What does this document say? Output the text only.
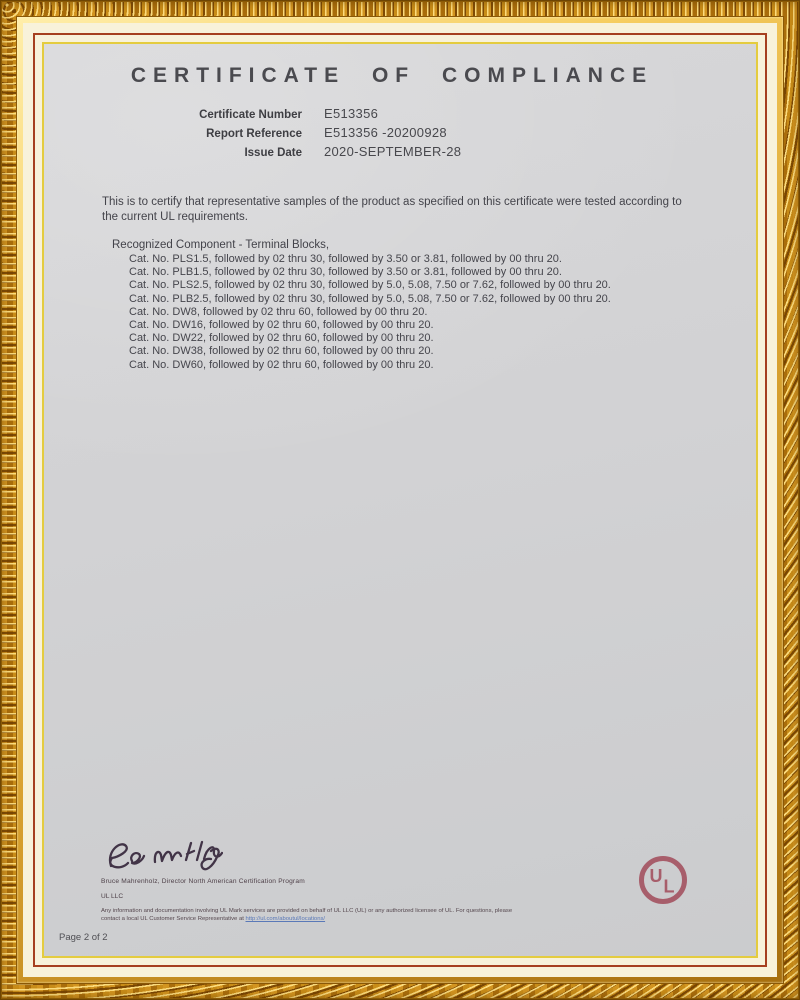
CERTIFICATE OF COMPLIANCE
Certificate Number E513356
Report Reference E513356 -20200928
Issue Date 2020-SEPTEMBER-28
This is to certify that representative samples of the product as specified on this certificate were tested according to the current UL requirements.
Recognized Component - Terminal Blocks,
Cat. No. PLS1.5, followed by 02 thru 30, followed by 3.50 or 3.81, followed by 00 thru 20.
Cat. No. PLB1.5, followed by 02 thru 30, followed by 3.50 or 3.81, followed by 00 thru 20.
Cat. No. PLS2.5, followed by 02 thru 30, followed by 5.0, 5.08, 7.50 or 7.62, followed by 00 thru 20.
Cat. No. PLB2.5, followed by 02 thru 30, followed by 5.0, 5.08, 7.50 or 7.62, followed by 00 thru 20.
Cat. No. DW8, followed by 02 thru 60, followed by 00 thru 20.
Cat. No. DW16, followed by 02 thru 60, followed by 00 thru 20.
Cat. No. DW22, followed by 02 thru 60, followed by 00 thru 20.
Cat. No. DW38, followed by 02 thru 60, followed by 00 thru 20.
Cat. No. DW60, followed by 02 thru 60, followed by 00 thru 20.
Bruce Mahrenholz, Director North American Certification Program
UL LLC
Any information and documentation involving UL Mark services are provided on behalf of UL LLC (UL) or any authorized licensee of UL. For questions, please
contact a local UL Customer Service Representative at http://ul.com/aboutul/locations/
U
L
Page 2 of 2
